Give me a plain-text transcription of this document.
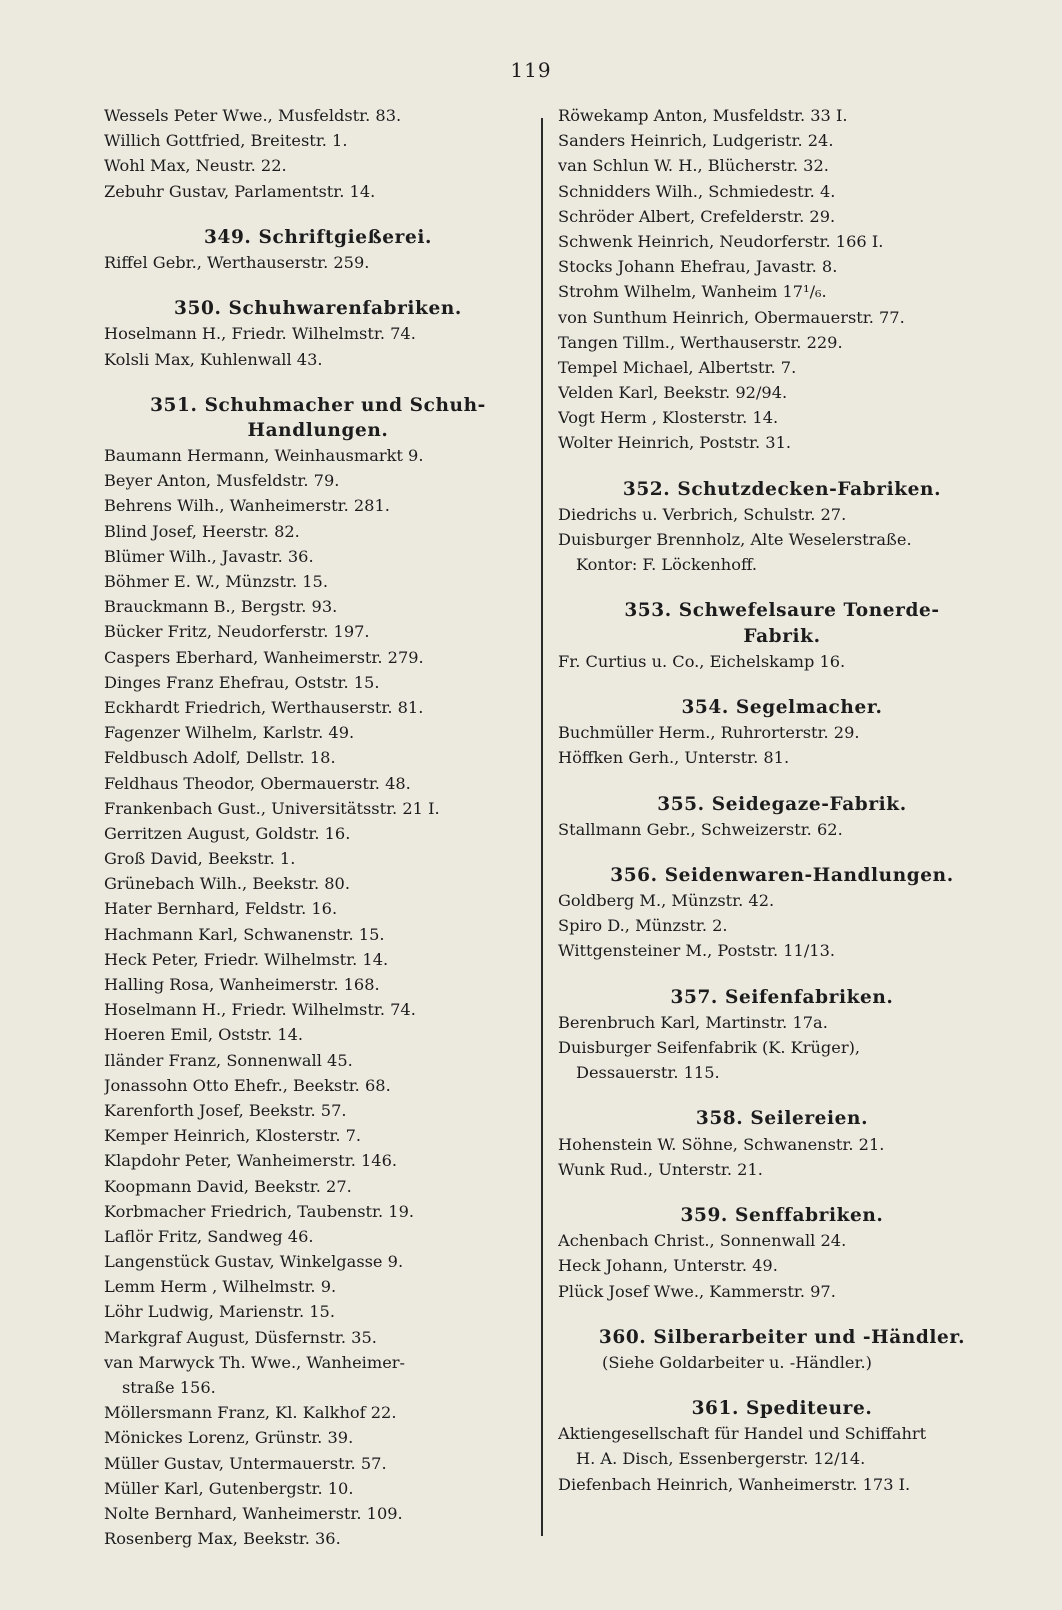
119
Wessels Peter Wwe., Musfeldstr. 83.
Willich Gottfried, Breitestr. 1.
Wohl Max, Neustr. 22.
Zebuhr Gustav, Parlamentstr. 14.
349. Schriftgießerei.
Riffel Gebr., Werthauserstr. 259.
350. Schuhwarenfabriken.
Hoselmann H., Friedr. Wilhelmstr. 74.
Kolsli Max, Kuhlenwall 43.
351. Schuhmacher und Schuh-
Handlungen.
Baumann Hermann, Weinhausmarkt 9.
Beyer Anton, Musfeldstr. 79.
Behrens Wilh., Wanheimerstr. 281.
Blind Josef, Heerstr. 82.
Blümer Wilh., Javastr. 36.
Böhmer E. W., Münzstr. 15.
Brauckmann B., Bergstr. 93.
Bücker Fritz, Neudorferstr. 197.
Caspers Eberhard, Wanheimerstr. 279.
Dinges Franz Ehefrau, Oststr. 15.
Eckhardt Friedrich, Werthauserstr. 81.
Fagenzer Wilhelm, Karlstr. 49.
Feldbusch Adolf, Dellstr. 18.
Feldhaus Theodor, Obermauerstr. 48.
Frankenbach Gust., Universitätsstr. 21 I.
Gerritzen August, Goldstr. 16.
Groß David, Beekstr. 1.
Grünebach Wilh., Beekstr. 80.
Hater Bernhard, Feldstr. 16.
Hachmann Karl, Schwanenstr. 15.
Heck Peter, Friedr. Wilhelmstr. 14.
Halling Rosa, Wanheimerstr. 168.
Hoselmann H., Friedr. Wilhelmstr. 74.
Hoeren Emil, Oststr. 14.
Iländer Franz, Sonnenwall 45.
Jonassohn Otto Ehefr., Beekstr. 68.
Karenforth Josef, Beekstr. 57.
Kemper Heinrich, Klosterstr. 7.
Klapdohr Peter, Wanheimerstr. 146.
Koopmann David, Beekstr. 27.
Korbmacher Friedrich, Taubenstr. 19.
Laflör Fritz, Sandweg 46.
Langenstück Gustav, Winkelgasse 9.
Lemm Herm , Wilhelmstr. 9.
Löhr Ludwig, Marienstr. 15.
Markgraf August, Düsfernstr. 35.
van Marwyck Th. Wwe., Wanheimer-
straße 156.
Möllersmann Franz, Kl. Kalkhof 22.
Mönickes Lorenz, Grünstr. 39.
Müller Gustav, Untermauerstr. 57.
Müller Karl, Gutenbergstr. 10.
Nolte Bernhard, Wanheimerstr. 109.
Rosenberg Max, Beekstr. 36.
Röwekamp Anton, Musfeldstr. 33 I.
Sanders Heinrich, Ludgeristr. 24.
van Schlun W. H., Blücherstr. 32.
Schnidders Wilh., Schmiedestr. 4.
Schröder Albert, Crefelderstr. 29.
Schwenk Heinrich, Neudorferstr. 166 I.
Stocks Johann Ehefrau, Javastr. 8.
Strohm Wilhelm, Wanheim 17¹/₆.
von Sunthum Heinrich, Obermauerstr. 77.
Tangen Tillm., Werthauserstr. 229.
Tempel Michael, Albertstr. 7.
Velden Karl, Beekstr. 92/94.
Vogt Herm , Klosterstr. 14.
Wolter Heinrich, Poststr. 31.
352. Schutzdecken-Fabriken.
Diedrichs u. Verbrich, Schulstr. 27.
Duisburger Brennholz, Alte Weselerstraße.
Kontor: F. Löckenhoff.
353. Schwefelsaure Tonerde-
Fabrik.
Fr. Curtius u. Co., Eichelskamp 16.
354. Segelmacher.
Buchmüller Herm., Ruhrorterstr. 29.
Höffken Gerh., Unterstr. 81.
355. Seidegaze-Fabrik.
Stallmann Gebr., Schweizerstr. 62.
356. Seidenwaren-Handlungen.
Goldberg M., Münzstr. 42.
Spiro D., Münzstr. 2.
Wittgensteiner M., Poststr. 11/13.
357. Seifenfabriken.
Berenbruch Karl, Martinstr. 17a.
Duisburger Seifenfabrik (K. Krüger),
Dessauerstr. 115.
358. Seilereien.
Hohenstein W. Söhne, Schwanenstr. 21.
Wunk Rud., Unterstr. 21.
359. Senffabriken.
Achenbach Christ., Sonnenwall 24.
Heck Johann, Unterstr. 49.
Plück Josef Wwe., Kammerstr. 97.
360. Silberarbeiter und -Händler.
(Siehe Goldarbeiter u. -Händler.)
361. Spediteure.
Aktiengesellschaft für Handel und Schiffahrt
H. A. Disch, Essenbergerstr. 12/14.
Diefenbach Heinrich, Wanheimerstr. 173 I.
